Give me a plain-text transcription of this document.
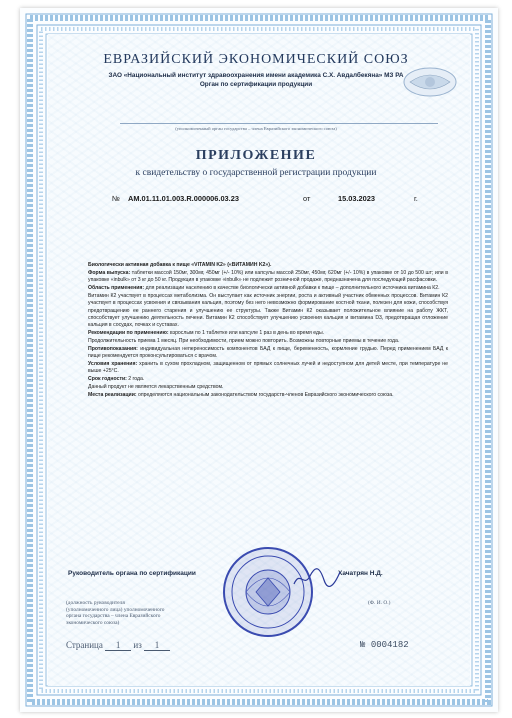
ЕВРАЗИЙСКИЙ ЭКОНОМИЧЕСКИЙ СОЮЗ
ЗАО «Национальный институт здравоохранения имени академика С.Х. Авдалбекяна» МЗ РА
Орган по сертификации продукции
(уполномоченный орган государства – члена Евразийского экономического союза)
ПРИЛОЖЕНИЕ
к свидетельству о государственной регистрации продукции
№ AM.01.11.01.003.R.000006.03.23	от	15.03.2023	г.

Биологически активная добавка к пище «VITAMIN K2» («ВИТАМИН K2»).

Форма выпуска: таблетки массой 150мг, 300мг, 450мг (+/- 10%) или капсулы массой 250мг, 450мг, 620мг (+/- 10%) в упаковке от 10 до 500 шт; или в упаковке «inbulk» от 3 кг до 50 кг. Продукция в упаковке «inbulk» не подлежит розничной продаже, предназначена для последующей расфасовки.

Область применения: для реализации населению в качестве биологически активной добавки к пище – дополнительного источника витамина К2.

Витамин К2 участвует в процессах метаболизма. Он выступает как источник энергии, роста и активный участник обменных процессов. Витамин К2 участвует в процессах усвоения и связывания кальция, поэтому без него невозможно формирование костной ткани, полезен для кожи, способствуя предотвращению ее раннего старения и улучшению ее структуры. Также Витамин К2 оказывает положительное влияние на работу ЖКТ, способствует улучшению деятельность печени. Витамин К2 способствует улучшению усвоения кальция и витамина D3, предотвращая отложение кальция в сосудах, почках и суставах.

Рекомендации по применению: взрослым по 1 таблетке или капсуле 1 раз в день во время еды.

Продолжительность приема 1 месяц. При необходимости, прием можно повторить. Возможны повторные приемы в течение года.

Противопоказания: индивидуальная непереносимость компонентов БАД к пище, беременность, кормление грудью. Перед применением БАД к пище рекомендуется проконсультироваться с врачом.

Условия хранения: хранить в сухом прохладном, защищенном от прямых солнечных лучей и недоступном для детей месте, при температуре не выше +25°С.

Срок годности: 2 года.

Данный продукт не является лекарственным средством.

Места реализации: определяются национальным законодательством государств-членов Евразийского экономического союза.

Руководитель органа по сертификации	Хачатрян Н.Д.
(должность руководителя
(уполномоченного лица) уполномоченного
органа государства – члена Евразийского
экономического союза)
(Ф. И. О.)
Страница 1 из 1	№ 0004182
